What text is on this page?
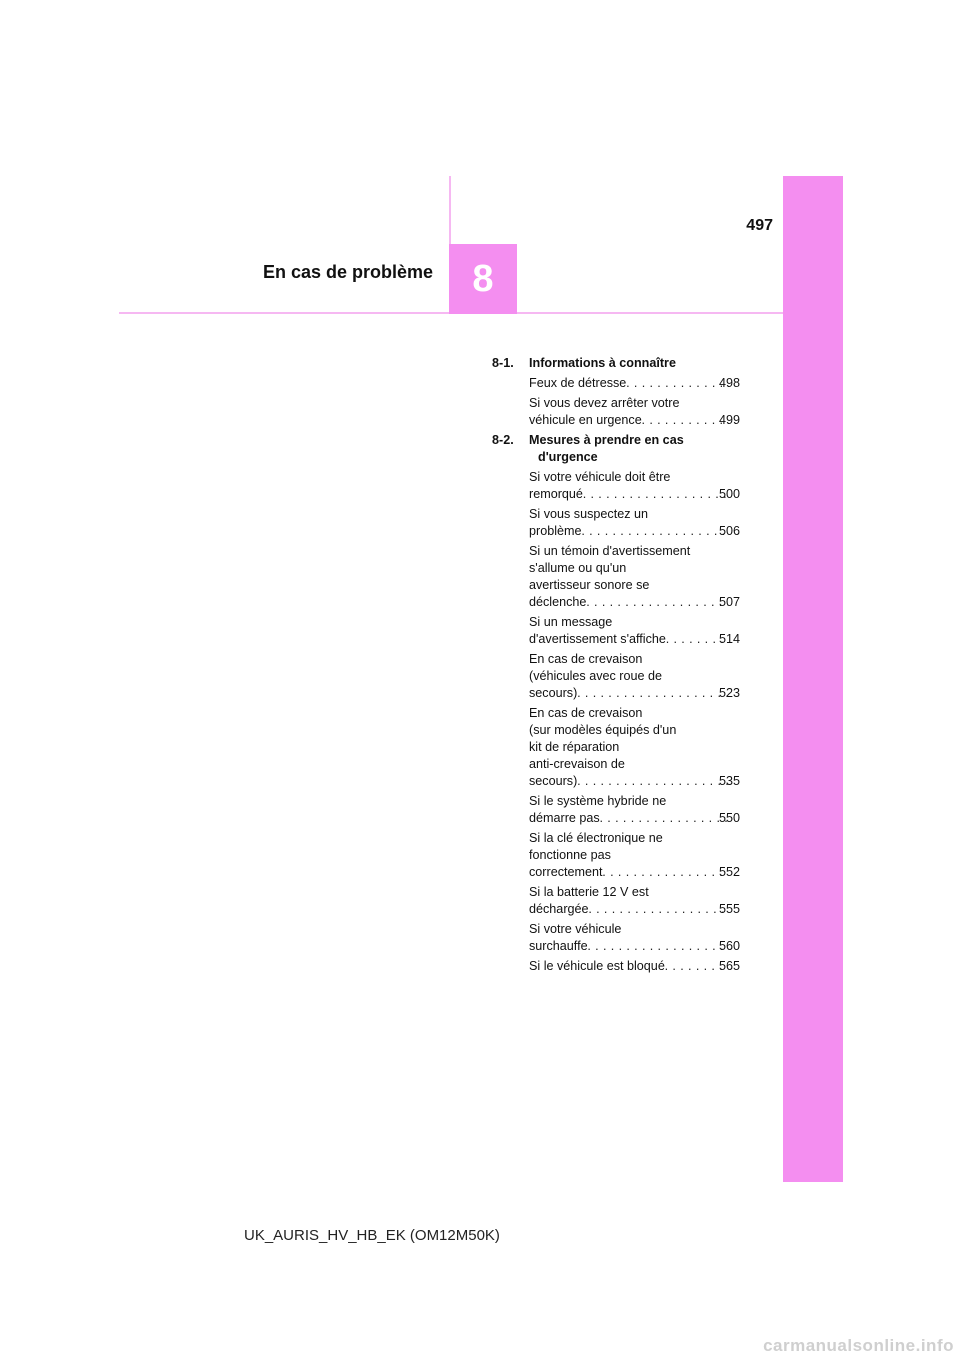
497
8
En cas de problème
8-1. Informations à connaître
Feux de détresse . . .	498
Si vous devez arrêter votre
véhicule en urgence . . .	499
8-2. Mesures à prendre en cas
d'urgence
Si votre véhicule doit être
remorqué . . .	500
Si vous suspectez un
problème . . .	506
Si un témoin d'avertissement
s'allume ou qu'un
avertisseur sonore se
déclenche . . .	507
Si un message
d'avertissement s'affiche . . .	514
En cas de crevaison
(véhicules avec roue de
secours) . . .	523
En cas de crevaison
(sur modèles équipés d'un
kit de réparation
anti-crevaison de
secours) . . .	535
Si le système hybride ne
démarre pas . . .	550
Si la clé électronique ne
fonctionne pas
correctement . . .	552
Si la batterie 12 V est
déchargée . . .	555
Si votre véhicule
surchauffe . . .	560
Si le véhicule est bloqué . . .	565
UK_AURIS_HV_HB_EK (OM12M50K)
carmanualsonline.info
